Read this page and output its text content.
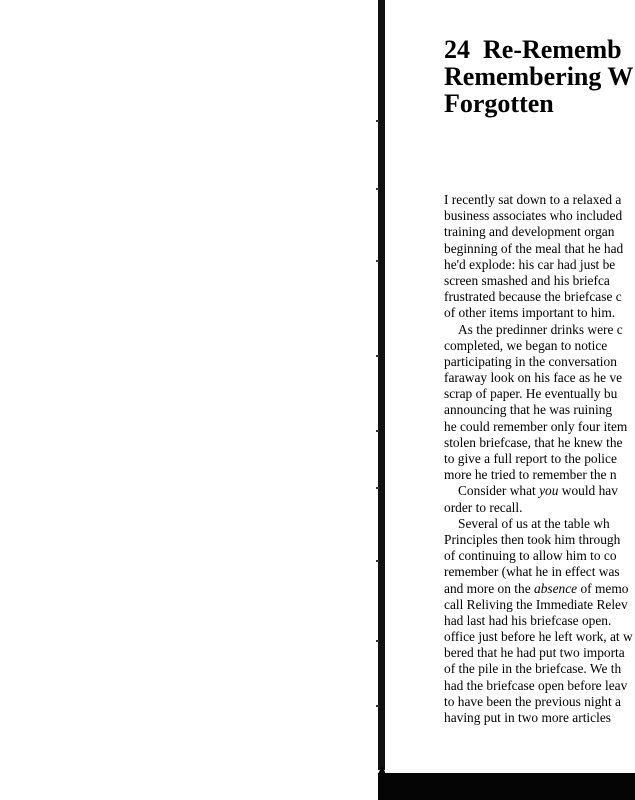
24 Re-Rememb
Remembering W
Forgotten
I recently sat down to a relaxed a
business associates who included
training and development organ
beginning of the meal that he had
he'd explode: his car had just be
screen smashed and his briefca
frustrated because the briefcase c
of other items important to him.
As the predinner drinks were c
completed, we began to notice
participating in the conversation
faraway look on his face as he ve
scrap of paper. He eventually bu
announcing that he was ruining
he could remember only four item
stolen briefcase, that he knew the
to give a full report to the police
more he tried to remember the n
Consider what you would hav
order to recall.
Several of us at the table wh
Principles then took him through
of continuing to allow him to co
remember (what he in effect was
and more on the absence of memo
call Reliving the Immediate Relev
had last had his briefcase open.
office just before he left work, at w
bered that he had put two importa
of the pile in the briefcase. We th
had the briefcase open before leav
to have been the previous night a
having put in two more articles
